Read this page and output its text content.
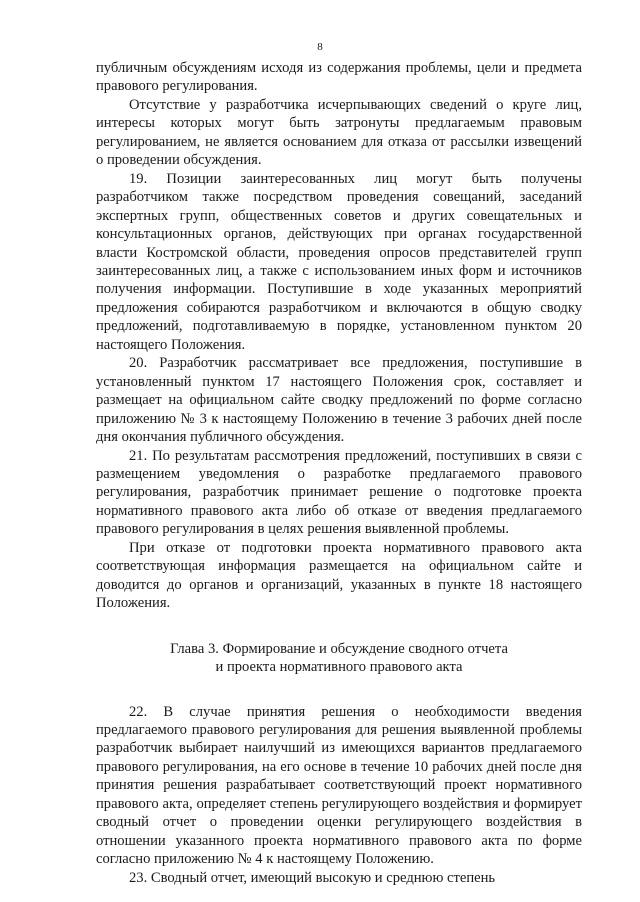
8

публичным обсуждениям исходя из содержания проблемы, цели и предмета правового регулирования.

Отсутствие у разработчика исчерпывающих сведений о круге лиц, интересы которых могут быть затронуты предлагаемым правовым регулированием, не является основанием для отказа от рассылки извещений о проведении обсуждения.

19. Позиции заинтересованных лиц могут быть получены разработчиком также посредством проведения совещаний, заседаний экспертных групп, общественных советов и других совещательных и консультационных органов, действующих при органах государственной власти Костромской области, проведения опросов представителей групп заинтересованных лиц, а также с использованием иных форм и источников получения информации. Поступившие в ходе указанных мероприятий предложения собираются разработчиком и включаются в общую сводку предложений, подготавливаемую в порядке, установленном пунктом 20 настоящего Положения.

20. Разработчик рассматривает все предложения, поступившие в установленный пунктом 17 настоящего Положения срок, составляет и размещает на официальном сайте сводку предложений по форме согласно приложению № 3 к настоящему Положению в течение 3 рабочих дней после дня окончания публичного обсуждения.

21. По результатам рассмотрения предложений, поступивших в связи с размещением уведомления о разработке предлагаемого правового регулирования, разработчик принимает решение о подготовке проекта нормативного правового акта либо об отказе от введения предлагаемого правового регулирования в целях решения выявленной проблемы.

При отказе от подготовки проекта нормативного правового акта соответствующая информация размещается на официальном сайте и доводится до органов и организаций, указанных в пункте 18 настоящего Положения.

Глава 3. Формирование и обсуждение сводного отчета
и проекта нормативного правового акта

22. В случае принятия решения о необходимости введения предлагаемого правового регулирования для решения выявленной проблемы разработчик выбирает наилучший из имеющихся вариантов предлагаемого правового регулирования, на его основе в течение 10 рабочих дней после дня принятия решения разрабатывает соответствующий проект нормативного правового акта, определяет степень регулирующего воздействия и формирует сводный отчет о проведении оценки регулирующего воздействия в отношении указанного проекта нормативного правового акта по форме согласно приложению № 4 к настоящему Положению.

23. Сводный отчет, имеющий высокую и среднюю степень
